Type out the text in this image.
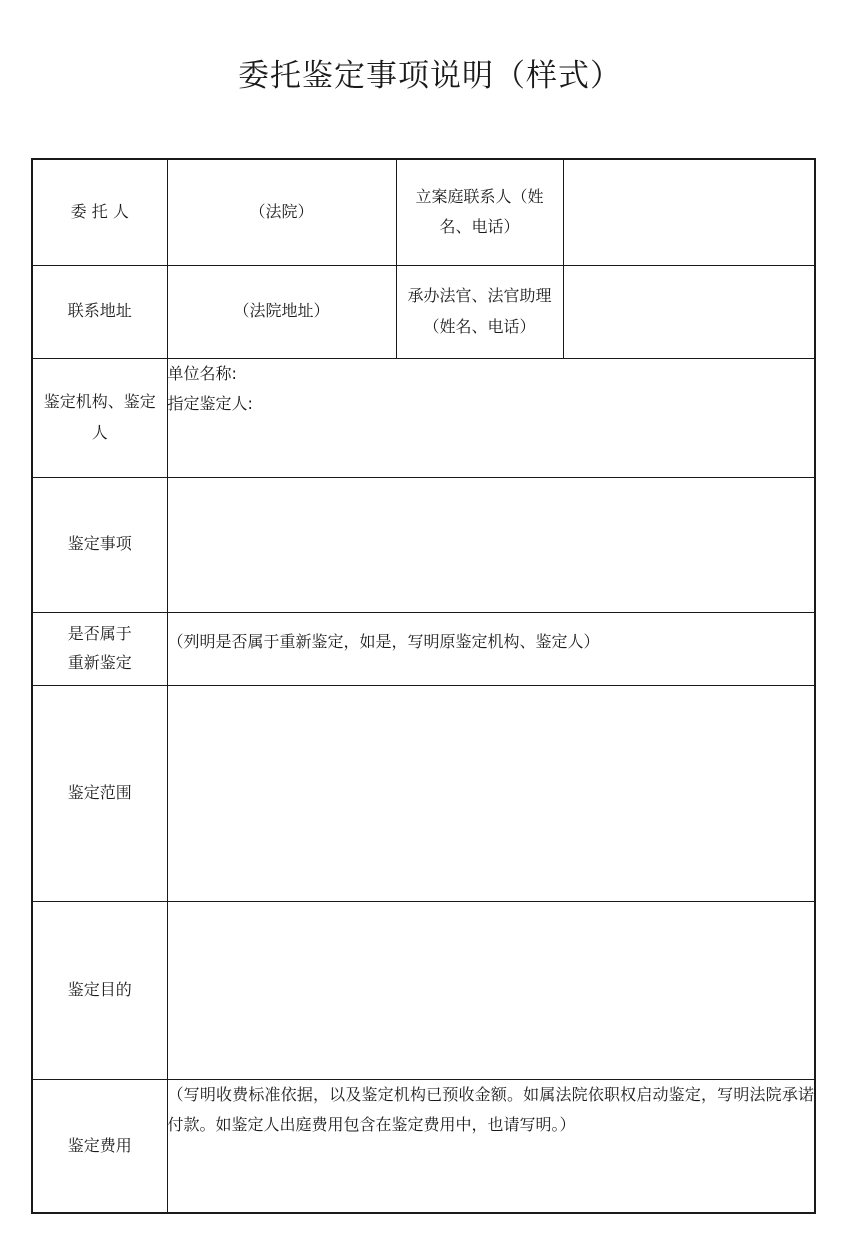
委托鉴定事项说明（样式）
委 托 人	（法院）	立案庭联系人（姓名、电话）	
联系地址	（法院地址）	承办法官、法官助理（姓名、电话）	
鉴定机构、鉴定人	单位名称:
指定鉴定人:		

鉴定事项			

是否属于
重新鉴定	（列明是否属于重新鉴定，如是，写明原鉴定机构、鉴定人）		
鉴定范围			
鉴定目的			
鉴定费用	（写明收费标准依据，以及鉴定机构已预收金额。如属法院依职权启动鉴定，写明法院承诺付款。如鉴定人出庭费用包含在鉴定费用中，也请写明。）		
